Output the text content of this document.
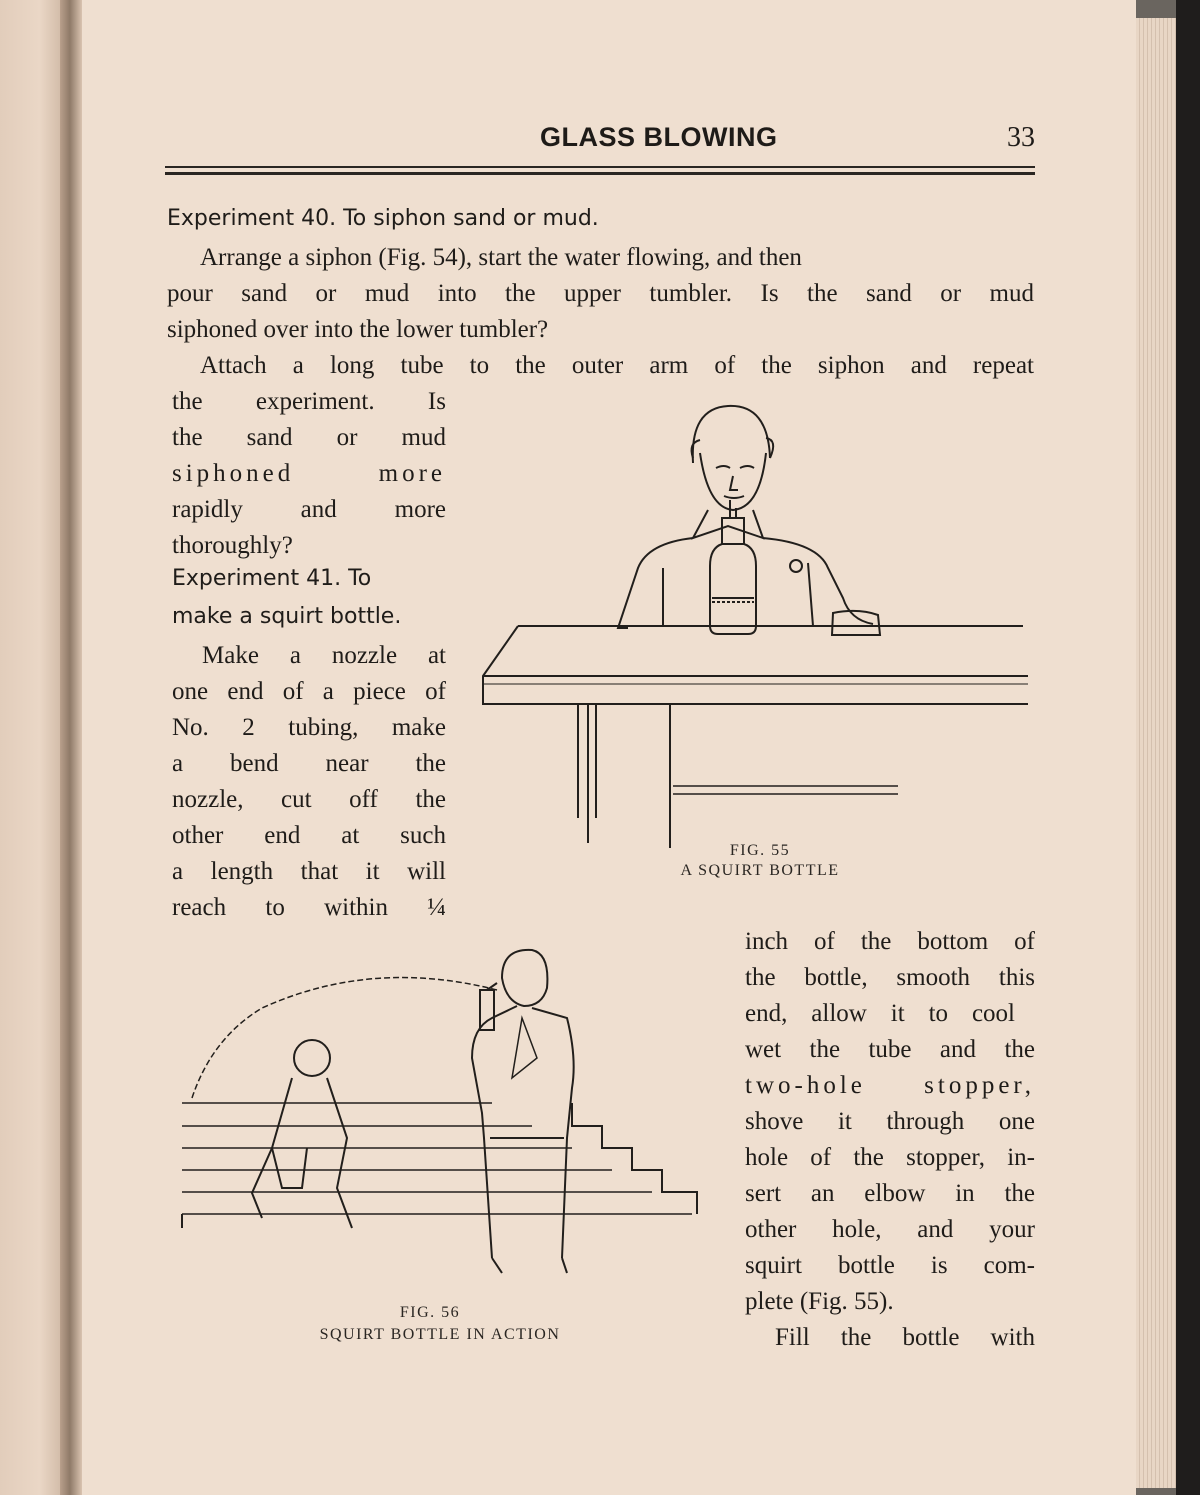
GLASS BLOWING	33
Experiment 40. To siphon sand or mud.
Arrange a siphon (Fig. 54), start the water flowing, and then
pour sand or mud into the upper tumbler. Is the sand or mud
siphoned over into the lower tumbler?
Attach a long tube to the outer arm of the siphon and repeat
the experiment. Is
the sand or mud
siphoned more
rapidly and more
thoroughly?
Experiment 41. To
make a squirt bottle.
Make a nozzle at
one end of a piece of
No. 2 tubing, make
a bend near the
nozzle, cut off the
other end at such
a length that it will
reach to within ¼
inch of the bottom of
the bottle, smooth this
end, allow it to cool
wet the tube and the
two-hole stopper,
shove it through one
hole of the stopper, in-
sert an elbow in the
other hole, and your
squirt bottle is com-
plete (Fig. 55).
Fill the bottle with
FIG. 55
A SQUIRT BOTTLE
FIG. 56
SQUIRT BOTTLE IN ACTION
